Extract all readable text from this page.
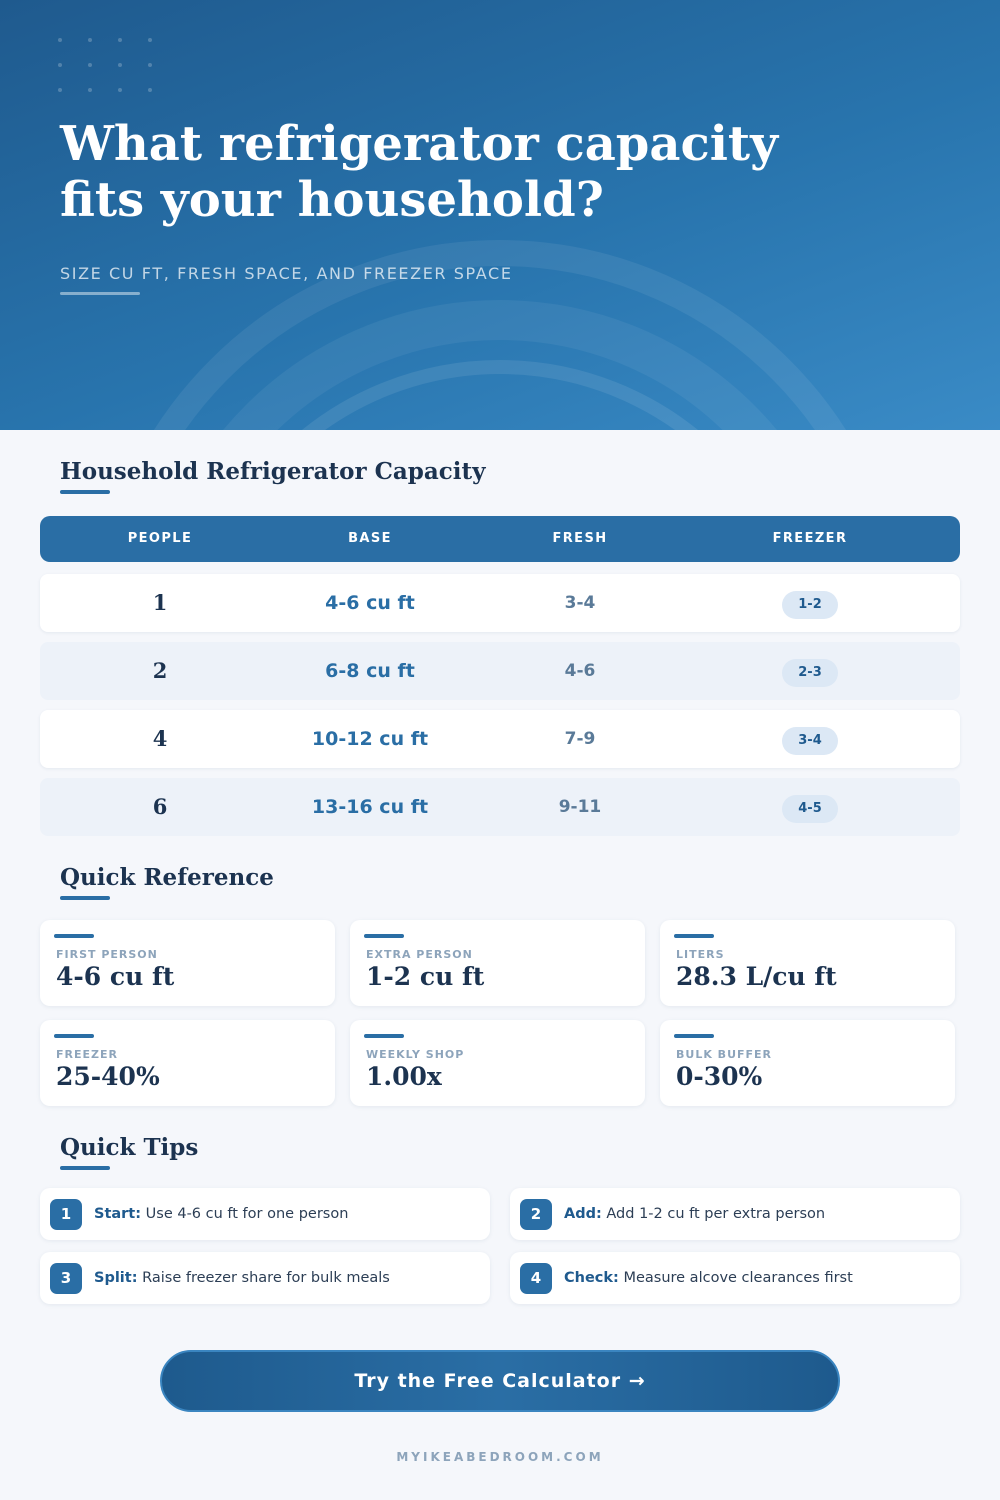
What refrigerator capacity
fits your household?
SIZE CU FT, FRESH SPACE, AND FREEZER SPACE
Household Refrigerator Capacity
PEOPLE	BASE	FRESH	FREEZER
1	4-6 cu ft	3-4	1-2
2	6-8 cu ft	4-6	2-3
4	10-12 cu ft	7-9	3-4
6	13-16 cu ft	9-11	4-5
Quick Reference
FIRST PERSON
4-6 cu ft
EXTRA PERSON
1-2 cu ft
LITERS
28.3 L/cu ft
FREEZER
25-40%
WEEKLY SHOP
1.00x
BULK BUFFER
0-30%
Quick Tips
1	Start: Use 4-6 cu ft for one person	2	Add: Add 1-2 cu ft per extra person
3	Split: Raise freezer share for bulk meals	4	Check: Measure alcove clearances first
Try the Free Calculator →
MYIKEABEDROOM.COM
